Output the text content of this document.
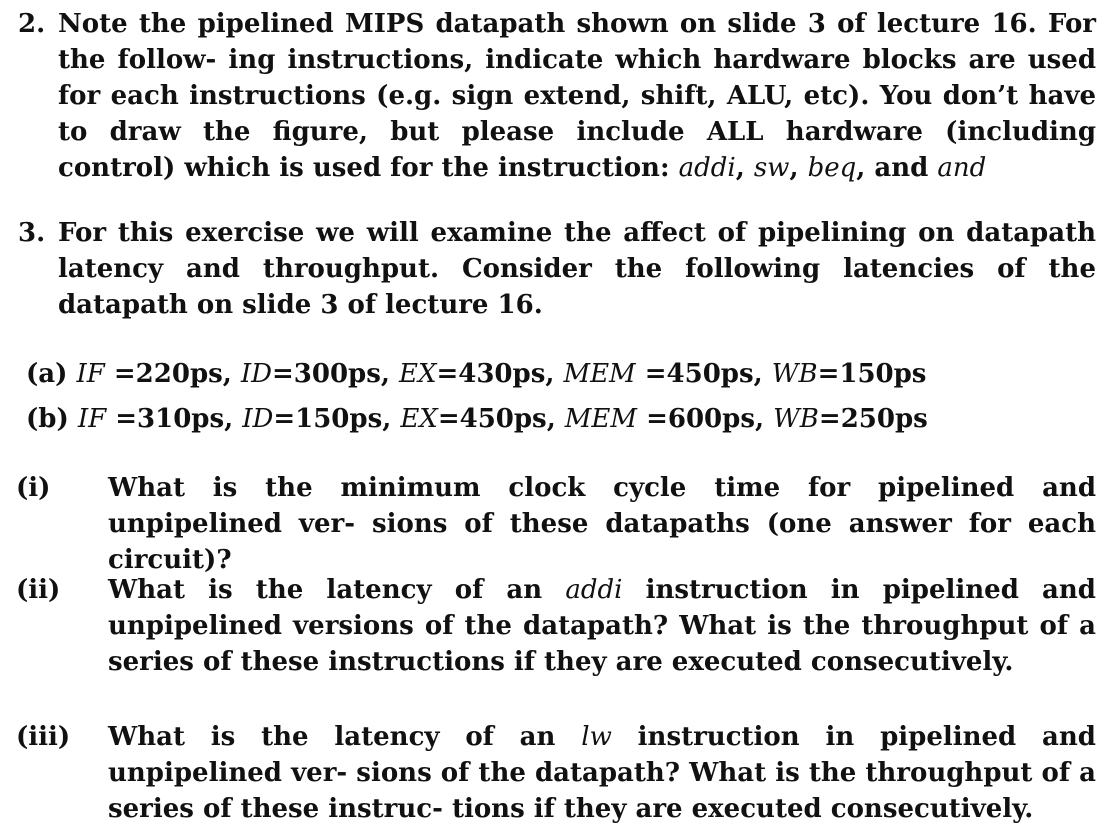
2. Note the pipelined MIPS datapath shown on slide 3 of lecture 16. For the follow- ing instructions, indicate which hardware blocks are used for each instructions (e.g. sign extend, shift, ALU, etc). You don’t have to draw the figure, but please include ALL hardware (including control) which is used for the instruction: addi, sw, beq, and and
3. For this exercise we will examine the affect of pipelining on datapath latency and throughput. Consider the following latencies of the datapath on slide 3 of lecture 16.
(a) IF =220ps, ID=300ps, EX=430ps, MEM =450ps, WB=150ps
(b) IF =310ps, ID=150ps, EX=450ps, MEM =600ps, WB=250ps
(i)	What is the minimum clock cycle time for pipelined and unpipelined ver- sions of these datapaths (one answer for each circuit)?
(ii)	What is the latency of an addi instruction in pipelined and unpipelined versions of the datapath? What is the throughput of a series of these instructions if they are executed consecutively.
(iii)	What is the latency of an lw instruction in pipelined and unpipelined ver- sions of the datapath? What is the throughput of a series of these instruc- tions if they are executed consecutively.
